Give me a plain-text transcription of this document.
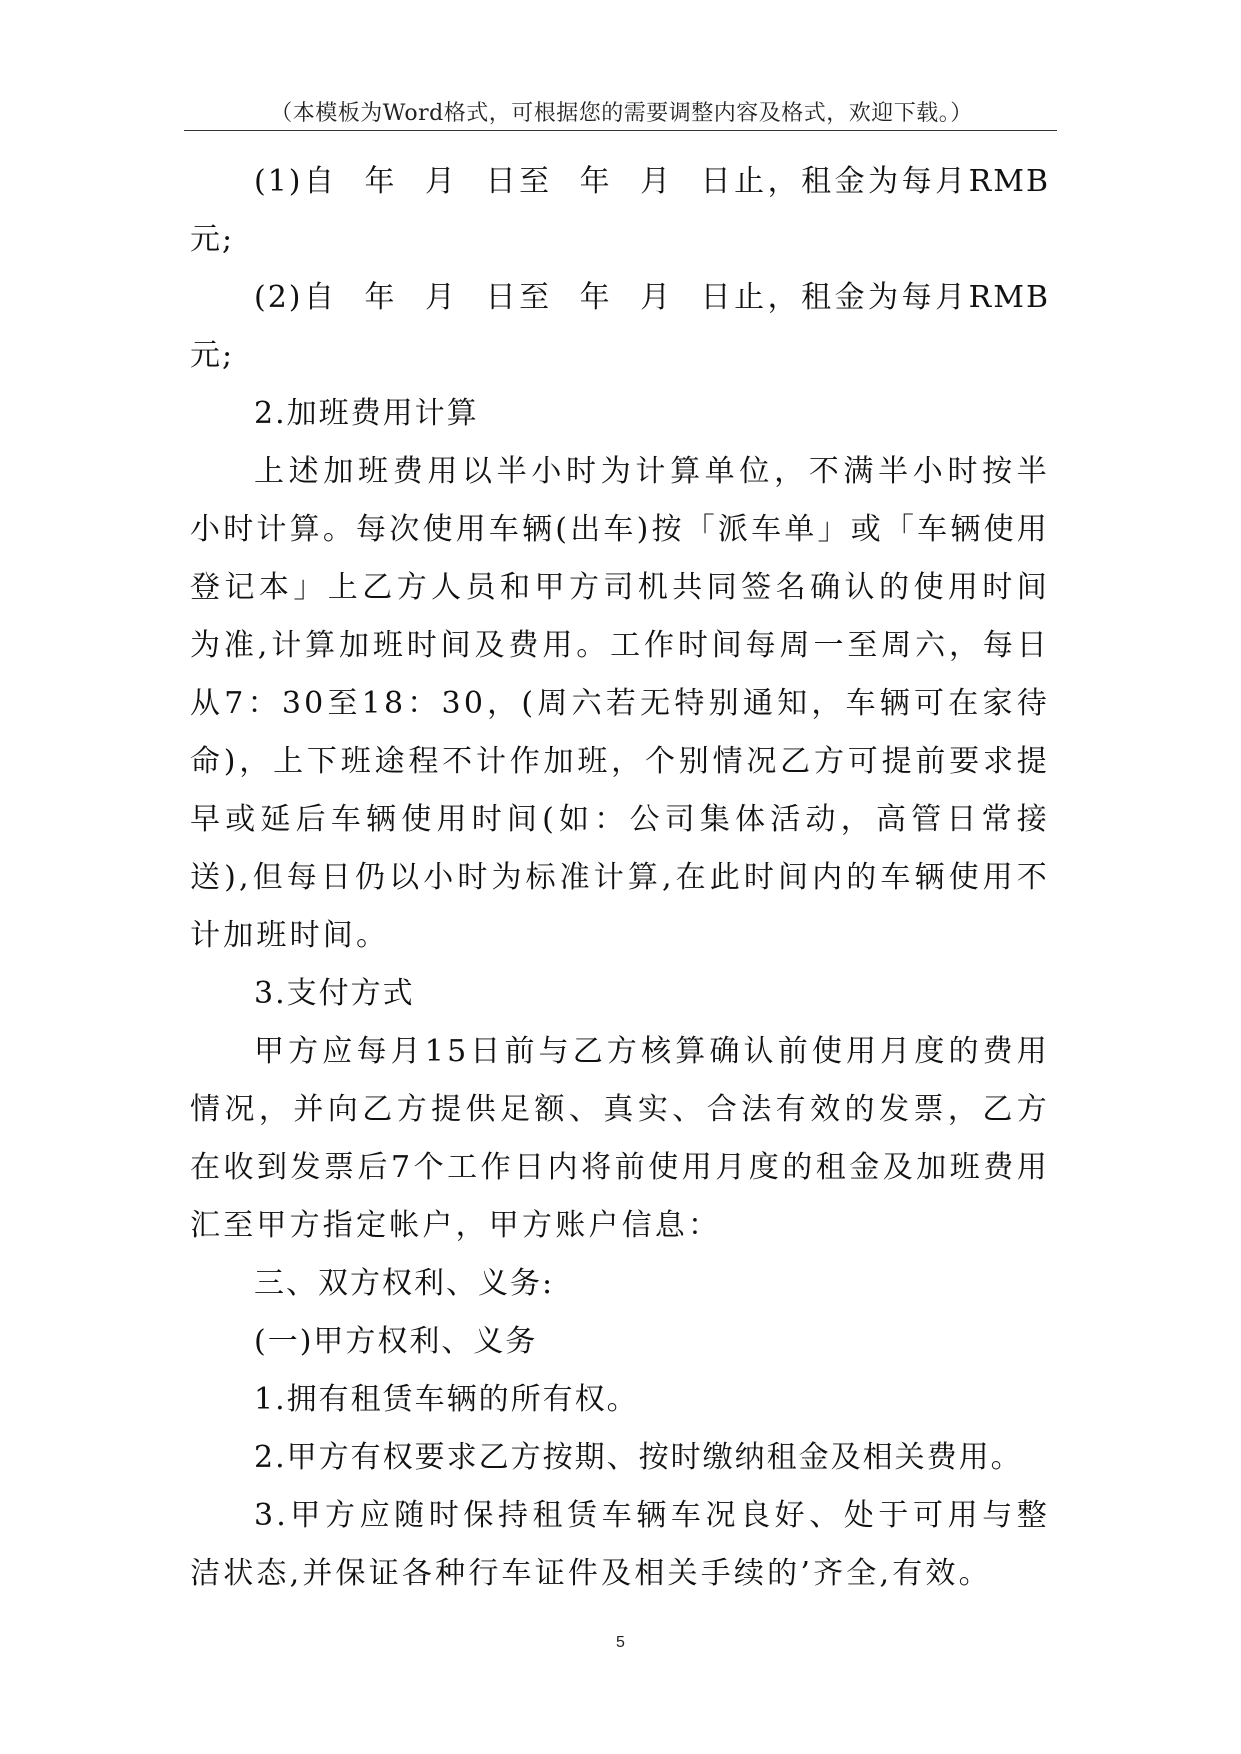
（本模板为Word格式，可根据您的需要调整内容及格式，欢迎下载。）

(1)自 年 月 日至 年 月 日止，租金为每月RMB元;

(2)自 年 月 日至 年 月 日止，租金为每月RMB元;

2.加班费用计算

上述加班费用以半小时为计算单位，不满半小时按半小时计算。每次使用车辆(出车)按「派车单」或「车辆使用登记本」上乙方人员和甲方司机共同签名确认的使用时间为准,计算加班时间及费用。工作时间每周一至周六，每日从7：30至18：30，(周六若无特别通知，车辆可在家待命)，上下班途程不计作加班，个别情况乙方可提前要求提早或延后车辆使用时间(如：公司集体活动，高管日常接送),但每日仍以小时为标准计算,在此时间内的车辆使用不计加班时间。

3.支付方式

甲方应每月15日前与乙方核算确认前使用月度的费用情况，并向乙方提供足额、真实、合法有效的发票，乙方在收到发票后7个工作日内将前使用月度的租金及加班费用汇至甲方指定帐户，甲方账户信息：

三、双方权利、义务:

(一)甲方权利、义务

1.拥有租赁车辆的所有权。

2.甲方有权要求乙方按期、按时缴纳租金及相关费用。

3.甲方应随时保持租赁车辆车况良好、处于可用与整洁状态,并保证各种行车证件及相关手续的’齐全,有效。

5
